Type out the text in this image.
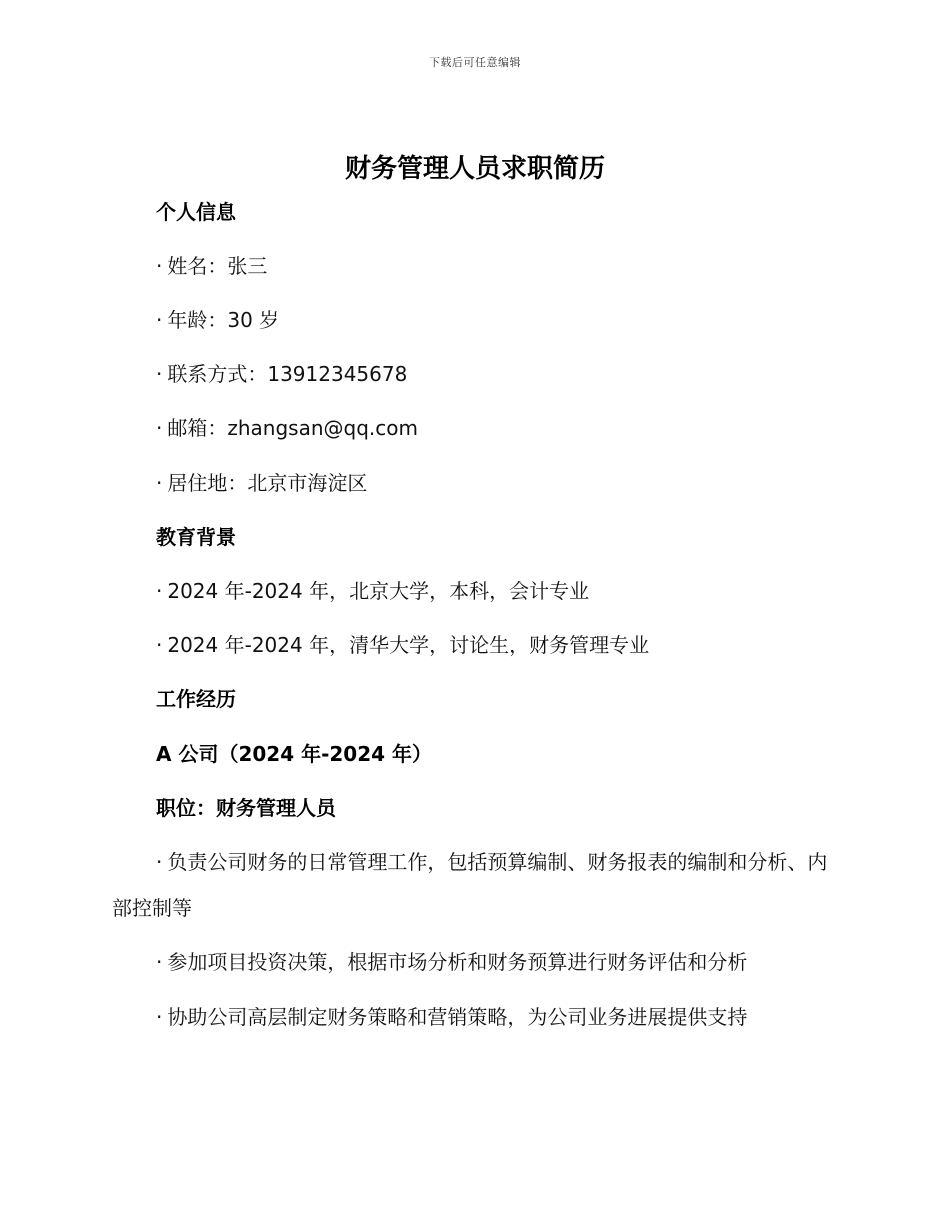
下载后可任意编辑
财务管理人员求职简历
个人信息
· 姓名：张三
· 年龄：30 岁
· 联系方式：13912345678
· 邮箱：zhangsan@qq.com
· 居住地：北京市海淀区
教育背景
· 2024 年-2024 年，北京大学，本科，会计专业
· 2024 年-2024 年，清华大学，讨论生，财务管理专业
工作经历
A 公司（2024 年-2024 年）
职位：财务管理人员
· 负责公司财务的日常管理工作，包括预算编制、财务报表的编制和分析、内部控制等
· 参加项目投资决策，根据市场分析和财务预算进行财务评估和分析
· 协助公司高层制定财务策略和营销策略，为公司业务进展提供支持
